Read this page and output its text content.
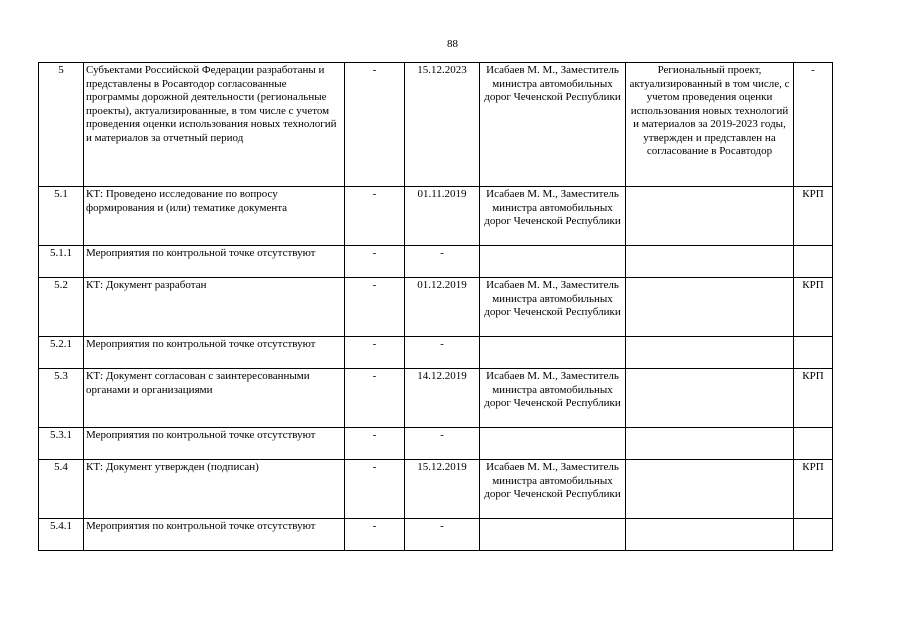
88
5	Субъектами Российской Федерации разработаны и представлены в Росавтодор согласованные программы дорожной деятельности (региональные проекты), актуализированные, в том числе с учетом проведения оценки использования новых технологий и материалов за отчетный период	-	15.12.2023	Исабаев М. М., Заместитель министра автомобильных дорог Чеченской Республики	Региональный проект, актуализированный в том числе, с учетом проведения оценки использования новых технологий и материалов за 2019-2023 годы, утвержден и представлен на согласование в Росавтодор	-
5.1	КТ: Проведено исследование по вопросу формирования и (или) тематике документа	-	01.11.2019	Исабаев М. М., Заместитель министра автомобильных дорог Чеченской Республики		КРП
5.1.1	Мероприятия по контрольной точке отсутствуют	-	-			
5.2	КТ: Документ разработан	-	01.12.2019	Исабаев М. М., Заместитель министра автомобильных дорог Чеченской Республики		КРП
5.2.1	Мероприятия по контрольной точке отсутствуют	-	-			
5.3	КТ: Документ согласован с заинтересованными органами и организациями	-	14.12.2019	Исабаев М. М., Заместитель министра автомобильных дорог Чеченской Республики		КРП
5.3.1	Мероприятия по контрольной точке отсутствуют	-	-			
5.4	КТ: Документ утвержден (подписан)	-	15.12.2019	Исабаев М. М., Заместитель министра автомобильных дорог Чеченской Республики		КРП
5.4.1	Мероприятия по контрольной точке отсутствуют	-	-			
